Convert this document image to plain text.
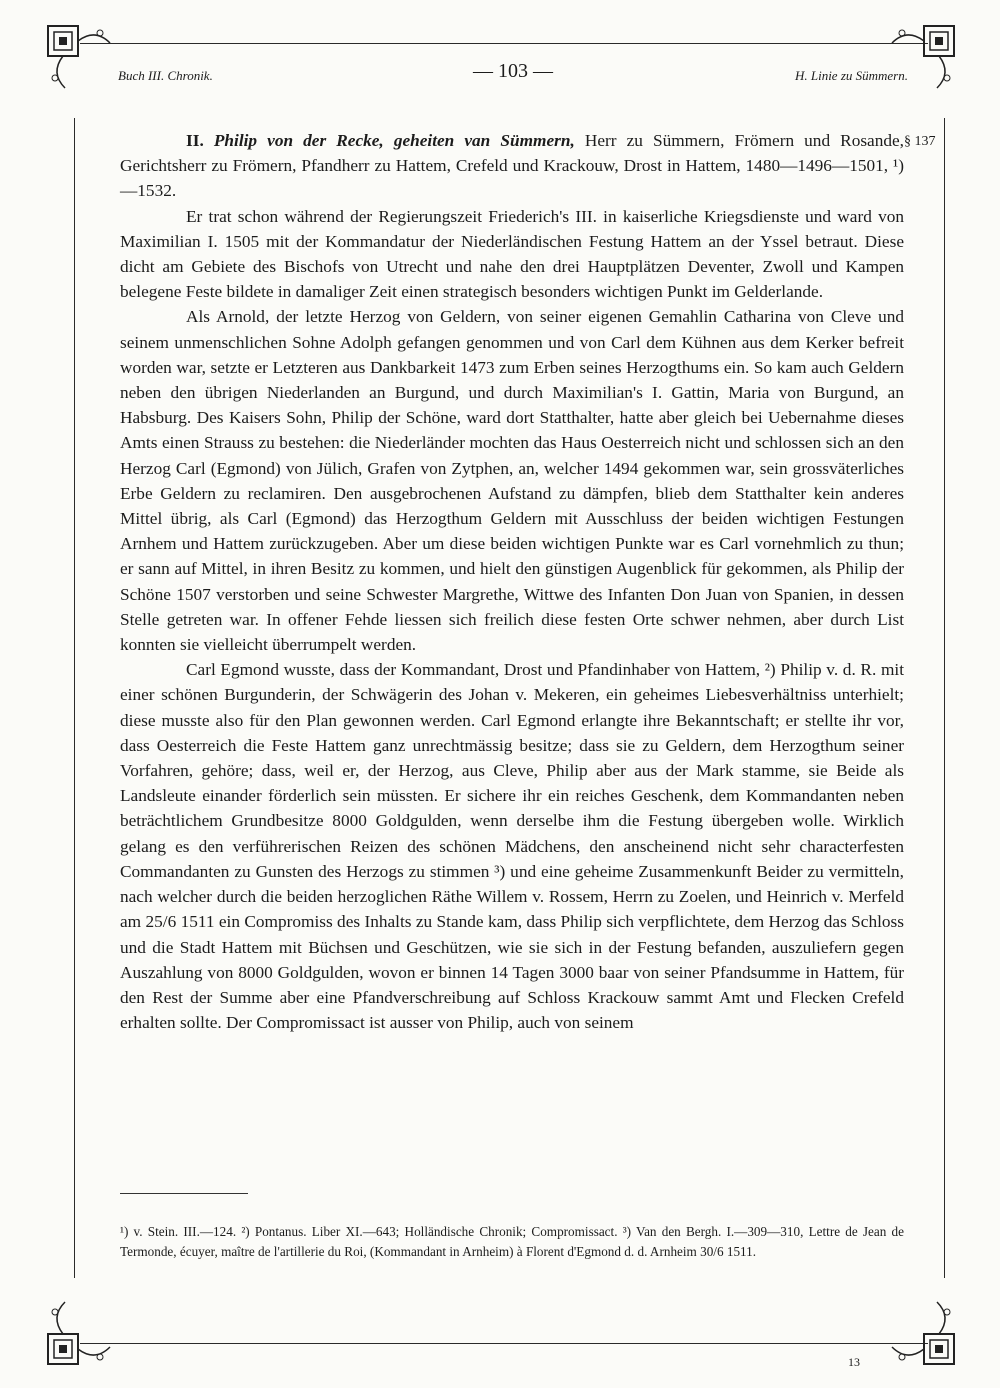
Buch III. Chronik.	— 103 —	H. Linie zu Sümmern.
§ 137

II. Philip von der Recke, geheiten van Sümmern, Herr zu Sümmern, Frömern und Rosande, Gerichtsherr zu Frömern, Pfandherr zu Hattem, Crefeld und Krackouw, Drost in Hattem, 1480—1496—1501, ¹) —1532.

Er trat schon während der Regierungszeit Friederich's III. in kaiserliche Kriegsdienste und ward von Maximilian I. 1505 mit der Kommandatur der Niederländischen Festung Hattem an der Yssel betraut. Diese dicht am Gebiete des Bischofs von Utrecht und nahe den drei Hauptplätzen Deventer, Zwoll und Kampen belegene Feste bildete in damaliger Zeit einen strategisch besonders wichtigen Punkt im Gelderlande.

Als Arnold, der letzte Herzog von Geldern, von seiner eigenen Gemahlin Catharina von Cleve und seinem unmenschlichen Sohne Adolph gefangen genommen und von Carl dem Kühnen aus dem Kerker befreit worden war, setzte er Letzteren aus Dankbarkeit 1473 zum Erben seines Herzogthums ein. So kam auch Geldern neben den übrigen Niederlanden an Burgund, und durch Maximilian's I. Gattin, Maria von Burgund, an Habsburg. Des Kaisers Sohn, Philip der Schöne, ward dort Statthalter, hatte aber gleich bei Uebernahme dieses Amts einen Strauss zu bestehen: die Niederländer mochten das Haus Oesterreich nicht und schlossen sich an den Herzog Carl (Egmond) von Jülich, Grafen von Zytphen, an, welcher 1494 gekommen war, sein grossväterliches Erbe Geldern zu reclamiren. Den ausgebrochenen Aufstand zu dämpfen, blieb dem Statthalter kein anderes Mittel übrig, als Carl (Egmond) das Herzogthum Geldern mit Ausschluss der beiden wichtigen Festungen Arnhem und Hattem zurückzugeben. Aber um diese beiden wichtigen Punkte war es Carl vornehmlich zu thun; er sann auf Mittel, in ihren Besitz zu kommen, und hielt den günstigen Augenblick für gekommen, als Philip der Schöne 1507 verstorben und seine Schwester Margrethe, Wittwe des Infanten Don Juan von Spanien, in dessen Stelle getreten war. In offener Fehde liessen sich freilich diese festen Orte schwer nehmen, aber durch List konnten sie vielleicht überrumpelt werden.

Carl Egmond wusste, dass der Kommandant, Drost und Pfandinhaber von Hattem, ²) Philip v. d. R. mit einer schönen Burgunderin, der Schwägerin des Johan v. Mekeren, ein geheimes Liebesverhältniss unterhielt; diese musste also für den Plan gewonnen werden. Carl Egmond erlangte ihre Bekanntschaft; er stellte ihr vor, dass Oesterreich die Feste Hattem ganz unrechtmässig besitze; dass sie zu Geldern, dem Herzogthum seiner Vorfahren, gehöre; dass, weil er, der Herzog, aus Cleve, Philip aber aus der Mark stamme, sie Beide als Landsleute einander förderlich sein müssten. Er sichere ihr ein reiches Geschenk, dem Kommandanten neben beträchtlichem Grundbesitze 8000 Goldgulden, wenn derselbe ihm die Festung übergeben wolle. Wirklich gelang es den verführerischen Reizen des schönen Mädchens, den anscheinend nicht sehr characterfesten Commandanten zu Gunsten des Herzogs zu stimmen ³) und eine geheime Zusammenkunft Beider zu vermitteln, nach welcher durch die beiden herzoglichen Räthe Willem v. Rossem, Herrn zu Zoelen, und Heinrich v. Merfeld am 25/6 1511 ein Compromiss des Inhalts zu Stande kam, dass Philip sich verpflichtete, dem Herzog das Schloss und die Stadt Hattem mit Büchsen und Geschützen, wie sie sich in der Festung befanden, auszuliefern gegen Auszahlung von 8000 Goldgulden, wovon er binnen 14 Tagen 3000 baar von seiner Pfandsumme in Hattem, für den Rest der Summe aber eine Pfandverschreibung auf Schloss Krackouw sammt Amt und Flecken Crefeld erhalten sollte. Der Compromissact ist ausser von Philip, auch von seinem

¹) v. Stein. III.—124. ²) Pontanus. Liber XI.—643; Holländische Chronik; Compromissact. ³) Van den Bergh. I.—309—310, Lettre de Jean de Termonde, écuyer, maître de l'artillerie du Roi, (Kommandant in Arnheim) à Florent d'Egmond d. d. Arnheim 30/6 1511.
13
